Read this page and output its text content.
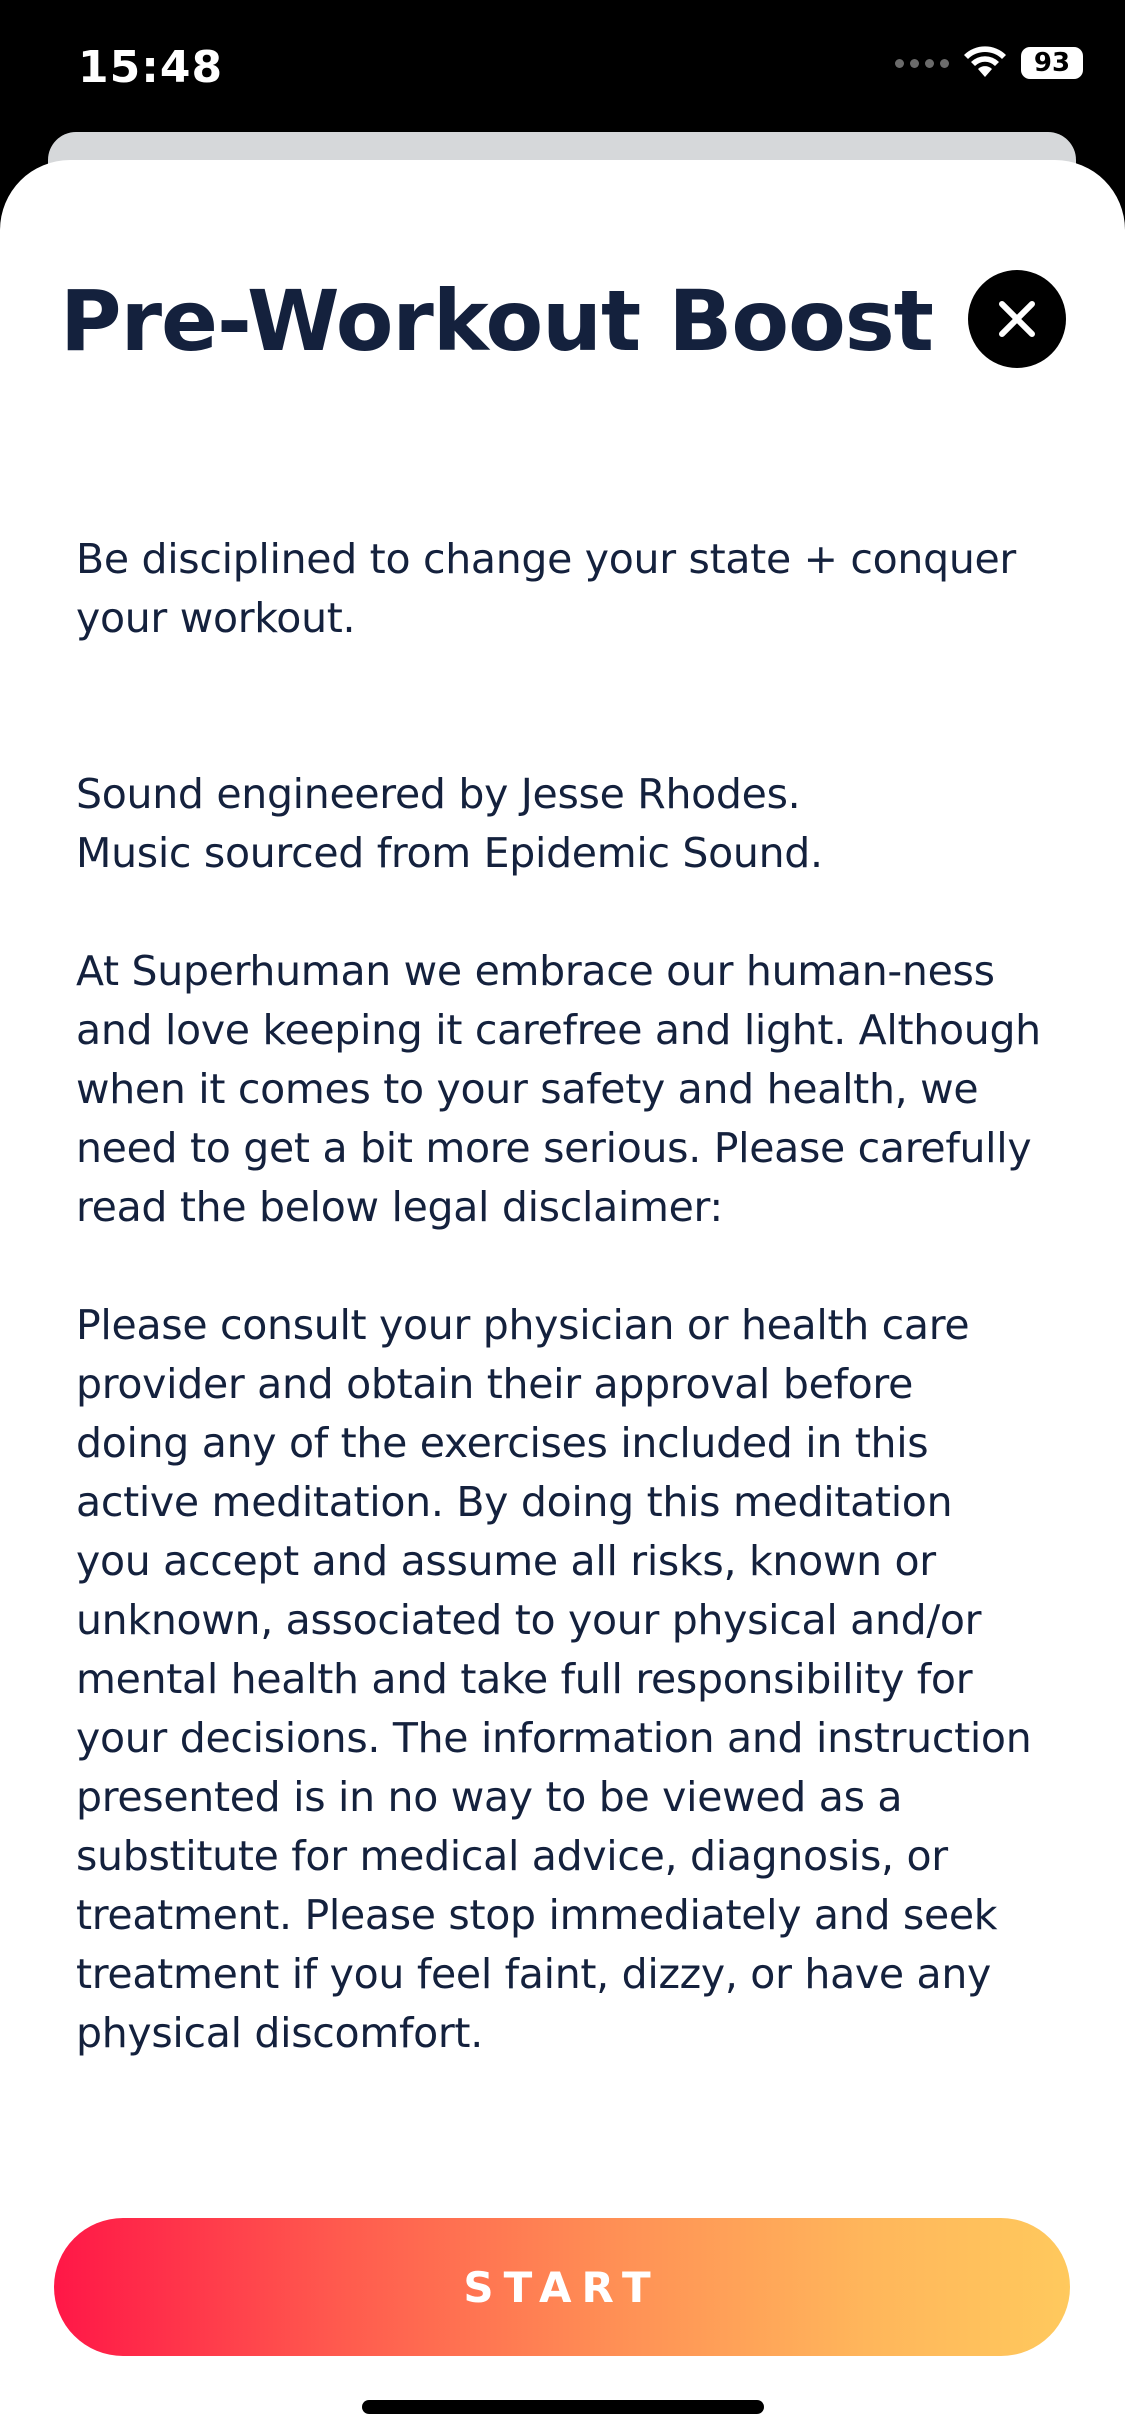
15:48	93
Pre-Workout Boost

Be disciplined to change your state + conquer
your workout.

Sound engineered by Jesse Rhodes.
Music sourced from Epidemic Sound.

At Superhuman we embrace our human-ness
and love keeping it carefree and light. Although
when it comes to your safety and health, we
need to get a bit more serious. Please carefully
read the below legal disclaimer:

Please consult your physician or health care
provider and obtain their approval before
doing any of the exercises included in this
active meditation. By doing this meditation
you accept and assume all risks, known or
unknown, associated to your physical and/or
mental health and take full responsibility for
your decisions. The information and instruction
presented is in no way to be viewed as a
substitute for medical advice, diagnosis, or
treatment. Please stop immediately and seek
treatment if you feel faint, dizzy, or have any
physical discomfort.

START
